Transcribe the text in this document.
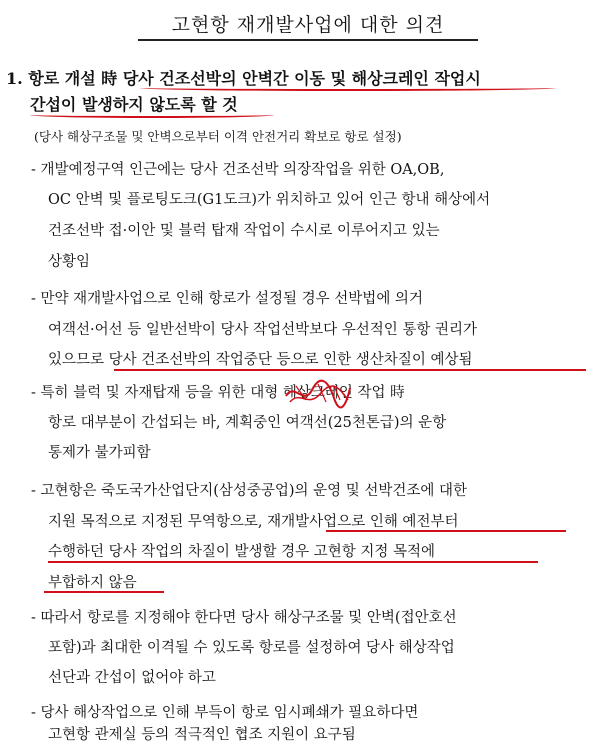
고현항 재개발사업에 대한 의견
1. 항로 개설 時 당사 건조선박의 안벽간 이동 및 해상크레인 작업시
간섭이 발생하지 않도록 할 것
(당사 해상구조물 및 안벽으로부터 이격 안전거리 확보로 항로 설정)
- 개발예정구역 인근에는 당사 건조선박 의장작업을 위한 OA,OB,
OC 안벽 및 플로팅도크(G1도크)가 위치하고 있어 인근 항내 해상에서
건조선박 접·이안 및 블럭 탑재 작업이 수시로 이루어지고 있는
상황임
- 만약 재개발사업으로 인해 항로가 설정될 경우 선박법에 의거
여객선·어선 등 일반선박이 당사 작업선박보다 우선적인 통항 권리가
있으므로 당사 건조선박의 작업중단 등으로 인한 생산차질이 예상됨
- 특히 블럭 및 자재탑재 등을 위한 대형 해상크레인 작업 時
항로 대부분이 간섭되는 바, 계획중인 여객선(25천톤급)의 운항
통제가 불가피함
- 고현항은 죽도국가산업단지(삼성중공업)의 운영 및 선박건조에 대한
지원 목적으로 지정된 무역항으로, 재개발사업으로 인해 예전부터
수행하던 당사 작업의 차질이 발생할 경우 고현항 지정 목적에
부합하지 않음
- 따라서 항로를 지정해야 한다면 당사 해상구조물 및 안벽(접안호선
포함)과 최대한 이격될 수 있도록 항로를 설정하여 당사 해상작업
선단과 간섭이 없어야 하고
- 당사 해상작업으로 인해 부득이 항로 임시폐쇄가 필요하다면
고현항 관제실 등의 적극적인 협조 지원이 요구됨
